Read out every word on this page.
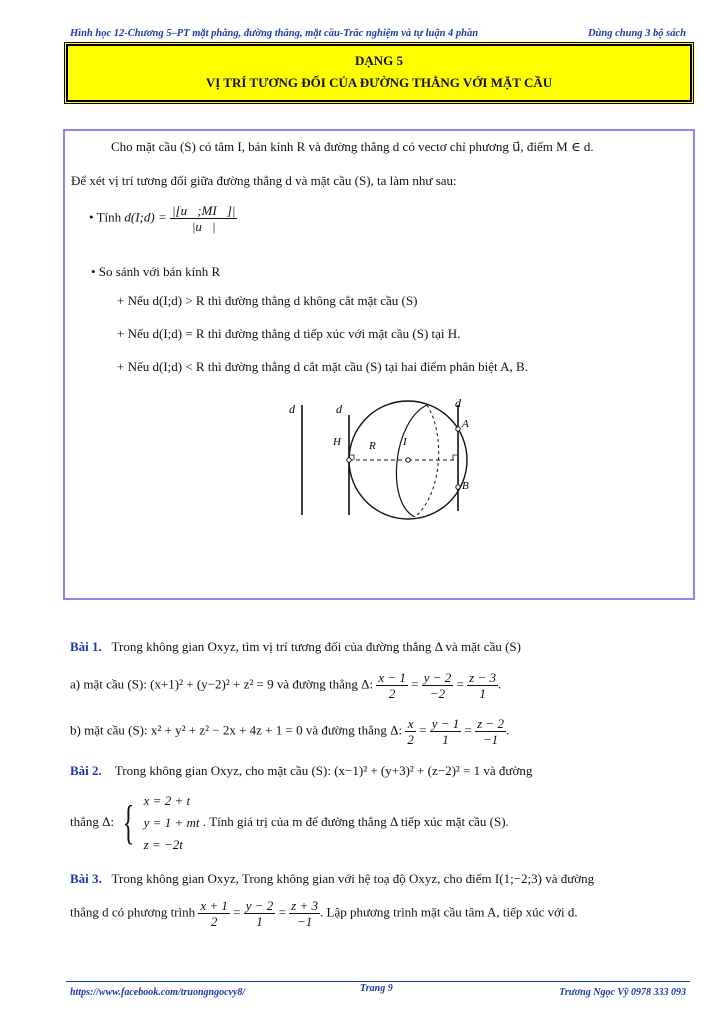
Hình học 12-Chương 5–PT mặt phẳng, đường thẳng, mặt cầu-Trắc nghiệm và tự luận 4 phần	Dùng chung 3 bộ sách
DẠNG 5
VỊ TRÍ TƯƠNG ĐỐI CỦA ĐƯỜNG THẲNG VỚI MẶT CẦU
Cho mặt cầu (S) có tâm I, bán kính R và đường thẳng d có vectơ chỉ phương u⃗, điểm M ∈ d.
Để xét vị trí tương đối giữa đường thẳng d và mặt cầu (S), ta làm như sau:
• Tính d(I;d) = $\frac{|[u⃗;MI⃗]|}{|u⃗|}$
• So sánh với bán kính R
+ Nếu d(I;d) > R thì đường thẳng d không cắt mặt cầu (S)
+ Nếu d(I;d) = R thì đường thẳng d tiếp xúc với mặt cầu (S) tại H.
+ Nếu d(I;d) < R thì đường thẳng d cắt mặt cầu (S) tại hai điểm phân biệt A, B.
d	d	d
H	R I
A
B
Bài 1. Trong không gian Oxyz, tìm vị trí tương đối của đường thẳng Δ và mặt cầu (S)
a) mặt cầu (S): (x+1)² + (y−2)² + z² = 9 và đường thẳng Δ: $\frac{x - 1}{2} = \frac{y - 2}{-2} = \frac{z - 3}{1}$ .
b) mặt cầu (S): x² + y² + z² − 2x + 4z + 1 = 0 và đường thẳng Δ: $\frac{x}{2} = \frac{y - 1}{1} = \frac{z - 2}{-1}$ .
Bài 2. Trong không gian Oxyz, cho mặt cầu (S): (x−1)² + (y+3)² + (z−2)² = 1 và đường
thẳng Δ: { x = 2 + t
y = 1 + mt
z = −2t
. Tính giá trị của m để đường thẳng Δ tiếp xúc mặt cầu (S).
Bài 3. Trong không gian Oxyz, Trong không gian với hệ toạ độ Oxyz, cho điểm I(1;−2;3) và đường
thẳng d có phương trình $\frac{x + 1}{2} = \frac{y - 2}{1} = \frac{z + 3}{-1}$ . Lập phương trình mặt cầu tâm A, tiếp xúc với d.
https://www.facebook.com/truongngocvy8/	Trang 9	Trương Ngọc Vỹ 0978 333 093
